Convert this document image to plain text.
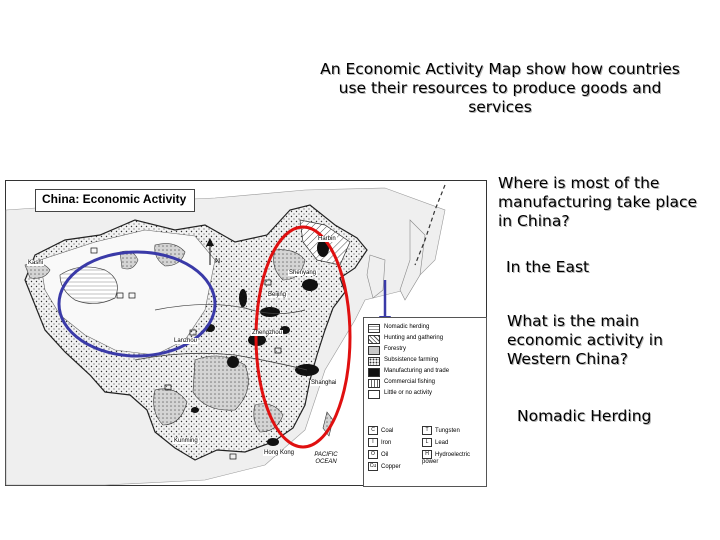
An Economic Activity Map show how countries use their resources to produce goods and services
Where is most of the manufacturing take place in China?
In the East
What is the main economic activity in Western China?
Nomadic Herding
China: Economic Activity
N
Kashi
Harbin
Shenyang
Beijing
Lanzhou
Zhengzhou
Shanghai
Kunming
Hong Kong	PACIFIC OCEAN
Nomadic herding
Hunting and gathering
Forestry
Subsistence farming
Manufacturing and trade
Commercial fishing
Little or no activity
C Coal
I Iron
O Oil
Cu Copper
T Tungsten
L Lead
H Hydroelectric power
